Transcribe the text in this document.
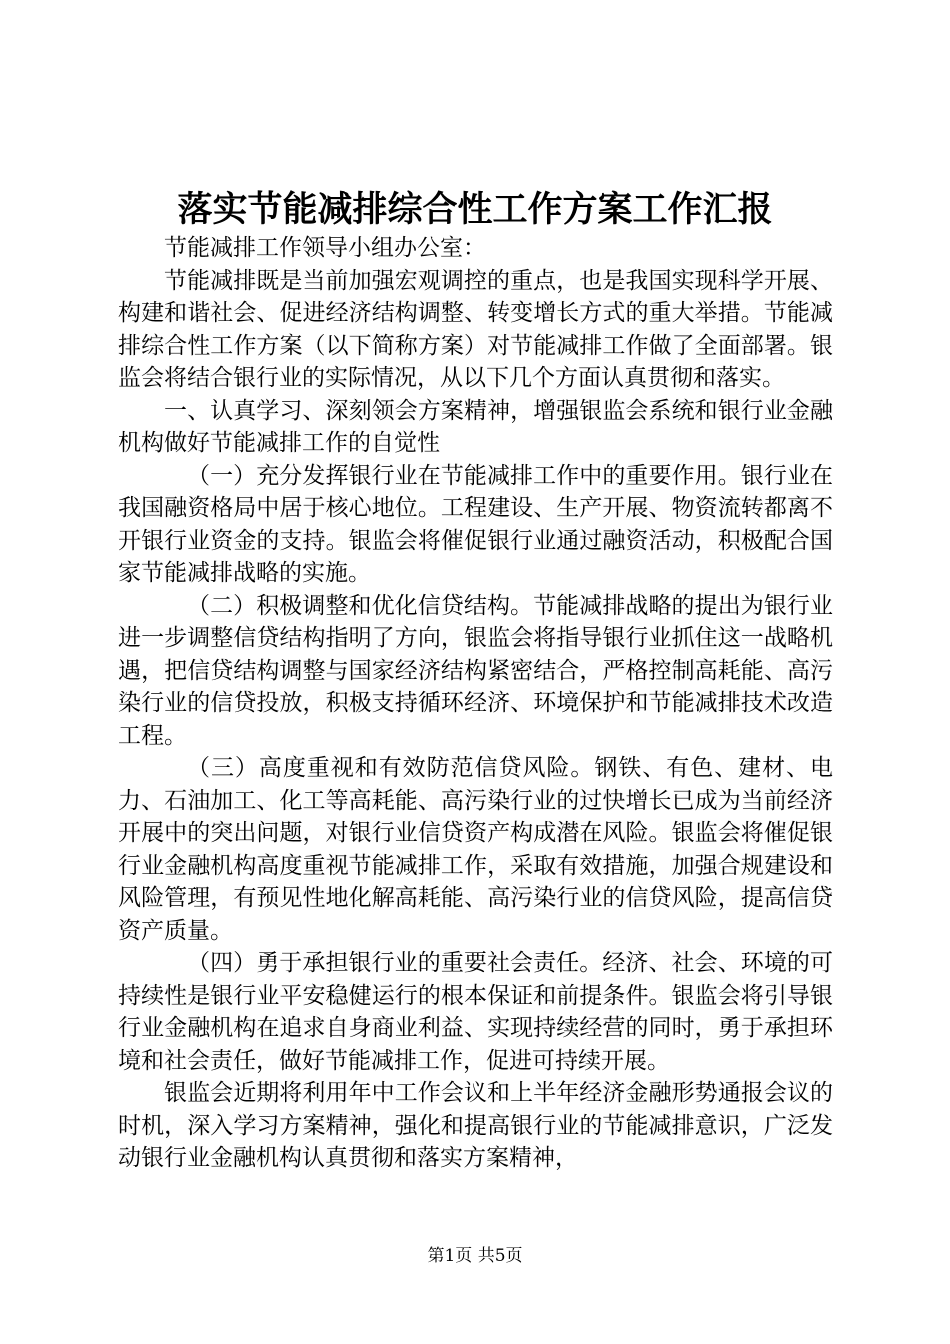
落实节能减排综合性工作方案工作汇报

节能减排工作领导小组办公室：

节能减排既是当前加强宏观调控的重点，也是我国实现科学开展、构建和谐社会、促进经济结构调整、转变增长方式的重大举措。节能减排综合性工作方案（以下简称方案）对节能减排工作做了全面部署。银监会将结合银行业的实际情况，从以下几个方面认真贯彻和落实。

一、认真学习、深刻领会方案精神，增强银监会系统和银行业金融机构做好节能减排工作的自觉性

（一）充分发挥银行业在节能减排工作中的重要作用。银行业在我国融资格局中居于核心地位。工程建设、生产开展、物资流转都离不开银行业资金的支持。银监会将催促银行业通过融资活动，积极配合国家节能减排战略的实施。

（二）积极调整和优化信贷结构。节能减排战略的提出为银行业进一步调整信贷结构指明了方向，银监会将指导银行业抓住这一战略机遇，把信贷结构调整与国家经济结构紧密结合，严格控制高耗能、高污染行业的信贷投放，积极支持循环经济、环境保护和节能减排技术改造工程。

（三）高度重视和有效防范信贷风险。钢铁、有色、建材、电力、石油加工、化工等高耗能、高污染行业的过快增长已成为当前经济开展中的突出问题，对银行业信贷资产构成潜在风险。银监会将催促银行业金融机构高度重视节能减排工作，采取有效措施，加强合规建设和风险管理，有预见性地化解高耗能、高污染行业的信贷风险，提高信贷资产质量。

（四）勇于承担银行业的重要社会责任。经济、社会、环境的可持续性是银行业平安稳健运行的根本保证和前提条件。银监会将引导银行业金融机构在追求自身商业利益、实现持续经营的同时，勇于承担环境和社会责任，做好节能减排工作，促进可持续开展。

银监会近期将利用年中工作会议和上半年经济金融形势通报会议的时机，深入学习方案精神，强化和提高银行业的节能减排意识，广泛发动银行业金融机构认真贯彻和落实方案精神，

第1页 共5页
